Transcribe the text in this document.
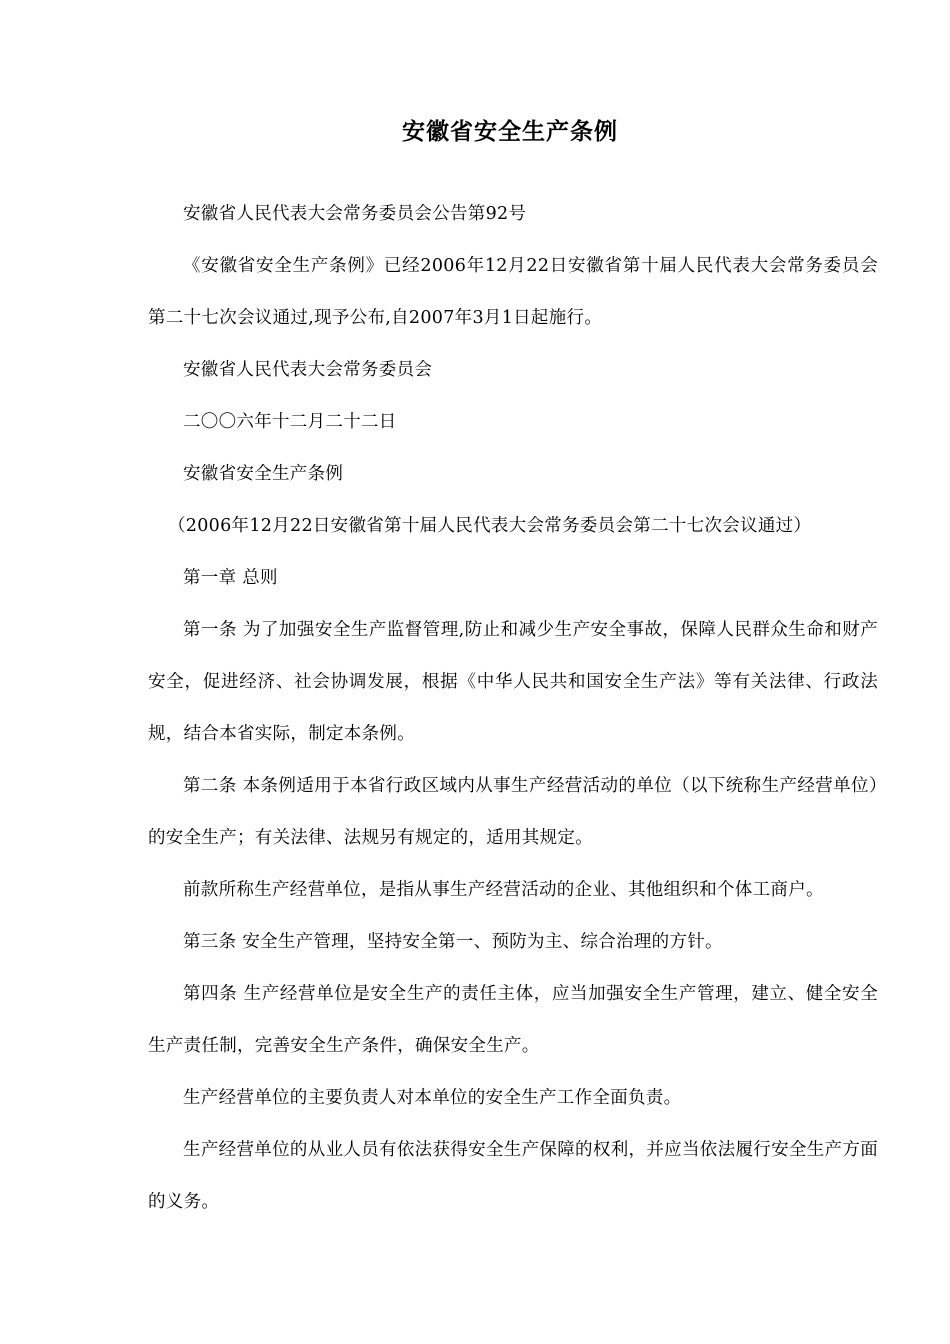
安徽省安全生产条例

安徽省人民代表大会常务委员会公告第92号

《安徽省安全生产条例》已经2006年12月22日安徽省第十届人民代表大会常务委员会第二十七次会议通过,现予公布,自2007年3月1日起施行。

安徽省人民代表大会常务委员会

二〇〇六年十二月二十二日

安徽省安全生产条例

（2006年12月22日安徽省第十届人民代表大会常务委员会第二十七次会议通过）

第一章 总则

第一条 为了加强安全生产监督管理,防止和减少生产安全事故，保障人民群众生命和财产安全，促进经济、社会协调发展，根据《中华人民共和国安全生产法》等有关法律、行政法规，结合本省实际，制定本条例。

第二条 本条例适用于本省行政区域内从事生产经营活动的单位（以下统称生产经营单位）的安全生产；有关法律、法规另有规定的，适用其规定。

前款所称生产经营单位，是指从事生产经营活动的企业、其他组织和个体工商户。

第三条 安全生产管理，坚持安全第一、预防为主、综合治理的方针。

第四条 生产经营单位是安全生产的责任主体，应当加强安全生产管理，建立、健全安全生产责任制，完善安全生产条件，确保安全生产。

生产经营单位的主要负责人对本单位的安全生产工作全面负责。

生产经营单位的从业人员有依法获得安全生产保障的权利，并应当依法履行安全生产方面的义务。
